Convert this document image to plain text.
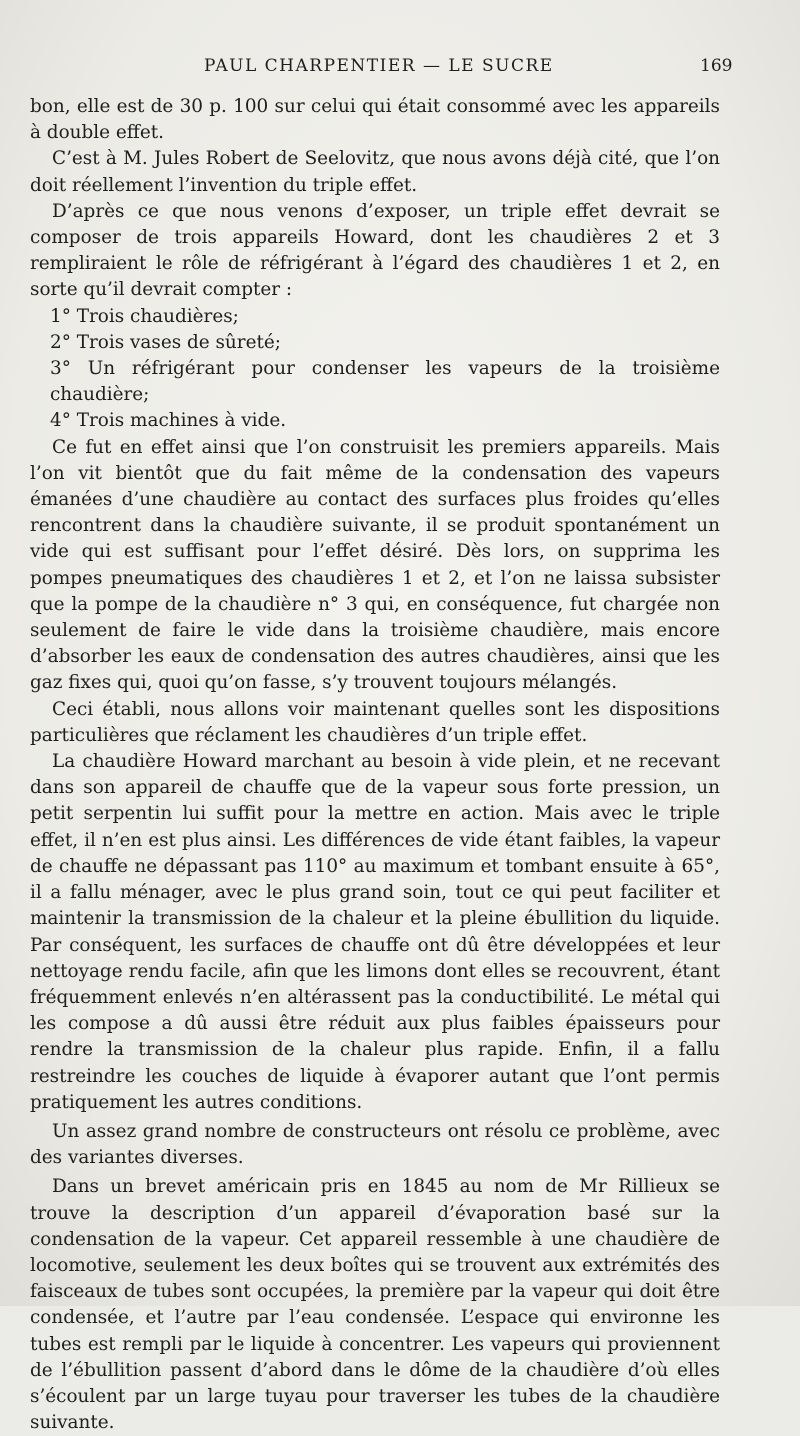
PAUL CHARPENTIER — LE SUCRE	169

bon, elle est de 30 p. 100 sur celui qui était consommé avec les appareils à double effet.

C’est à M. Jules Robert de Seelovitz, que nous avons déjà cité, que l’on doit réellement l’invention du triple effet.

D’après ce que nous venons d’exposer, un triple effet devrait se composer de trois appareils Howard, dont les chaudières 2 et 3 rempliraient le rôle de réfrigérant à l’égard des chaudières 1 et 2, en sorte qu’il devrait compter :

1° Trois chaudières;

2° Trois vases de sûreté;

3° Un réfrigérant pour condenser les vapeurs de la troisième chaudière;

4° Trois machines à vide.

Ce fut en effet ainsi que l’on construisit les premiers appareils. Mais l’on vit bientôt que du fait même de la condensation des vapeurs émanées d’une chaudière au contact des surfaces plus froides qu’elles rencontrent dans la chaudière suivante, il se produit spontanément un vide qui est suffisant pour l’effet désiré. Dès lors, on supprima les pompes pneumatiques des chaudières 1 et 2, et l’on ne laissa subsister que la pompe de la chaudière n° 3 qui, en conséquence, fut chargée non seulement de faire le vide dans la troisième chaudière, mais encore d’absorber les eaux de condensation des autres chaudières, ainsi que les gaz fixes qui, quoi qu’on fasse, s’y trouvent toujours mélangés.

Ceci établi, nous allons voir maintenant quelles sont les dispositions particulières que réclament les chaudières d’un triple effet.

La chaudière Howard marchant au besoin à vide plein, et ne recevant dans son appareil de chauffe que de la vapeur sous forte pression, un petit serpentin lui suffit pour la mettre en action. Mais avec le triple effet, il n’en est plus ainsi. Les différences de vide étant faibles, la vapeur de chauffe ne dépassant pas 110° au maximum et tombant ensuite à 65°, il a fallu ménager, avec le plus grand soin, tout ce qui peut faciliter et maintenir la transmission de la chaleur et la pleine ébullition du liquide. Par conséquent, les surfaces de chauffe ont dû être développées et leur nettoyage rendu facile, afin que les limons dont elles se recouvrent, étant fréquemment enlevés n’en altérassent pas la conductibilité. Le métal qui les compose a dû aussi être réduit aux plus faibles épaisseurs pour rendre la transmission de la chaleur plus rapide. Enfin, il a fallu restreindre les couches de liquide à évaporer autant que l’ont permis pratiquement les autres conditions.

Un assez grand nombre de constructeurs ont résolu ce problème, avec des variantes diverses.

Dans un brevet américain pris en 1845 au nom de Mr Rillieux se trouve la description d’un appareil d’évaporation basé sur la condensation de la vapeur. Cet appareil ressemble à une chaudière de locomotive, seulement les deux boîtes qui se trouvent aux extrémités des faisceaux de tubes sont occupées, la première par la vapeur qui doit être condensée, et l’autre par l’eau condensée. L’espace qui environne les tubes est rempli par le liquide à concentrer. Les vapeurs qui proviennent de l’ébullition passent d’abord dans le dôme de la chaudière d’où elles s’écoulent par un large tuyau pour traverser les tubes de la chaudière suivante.
